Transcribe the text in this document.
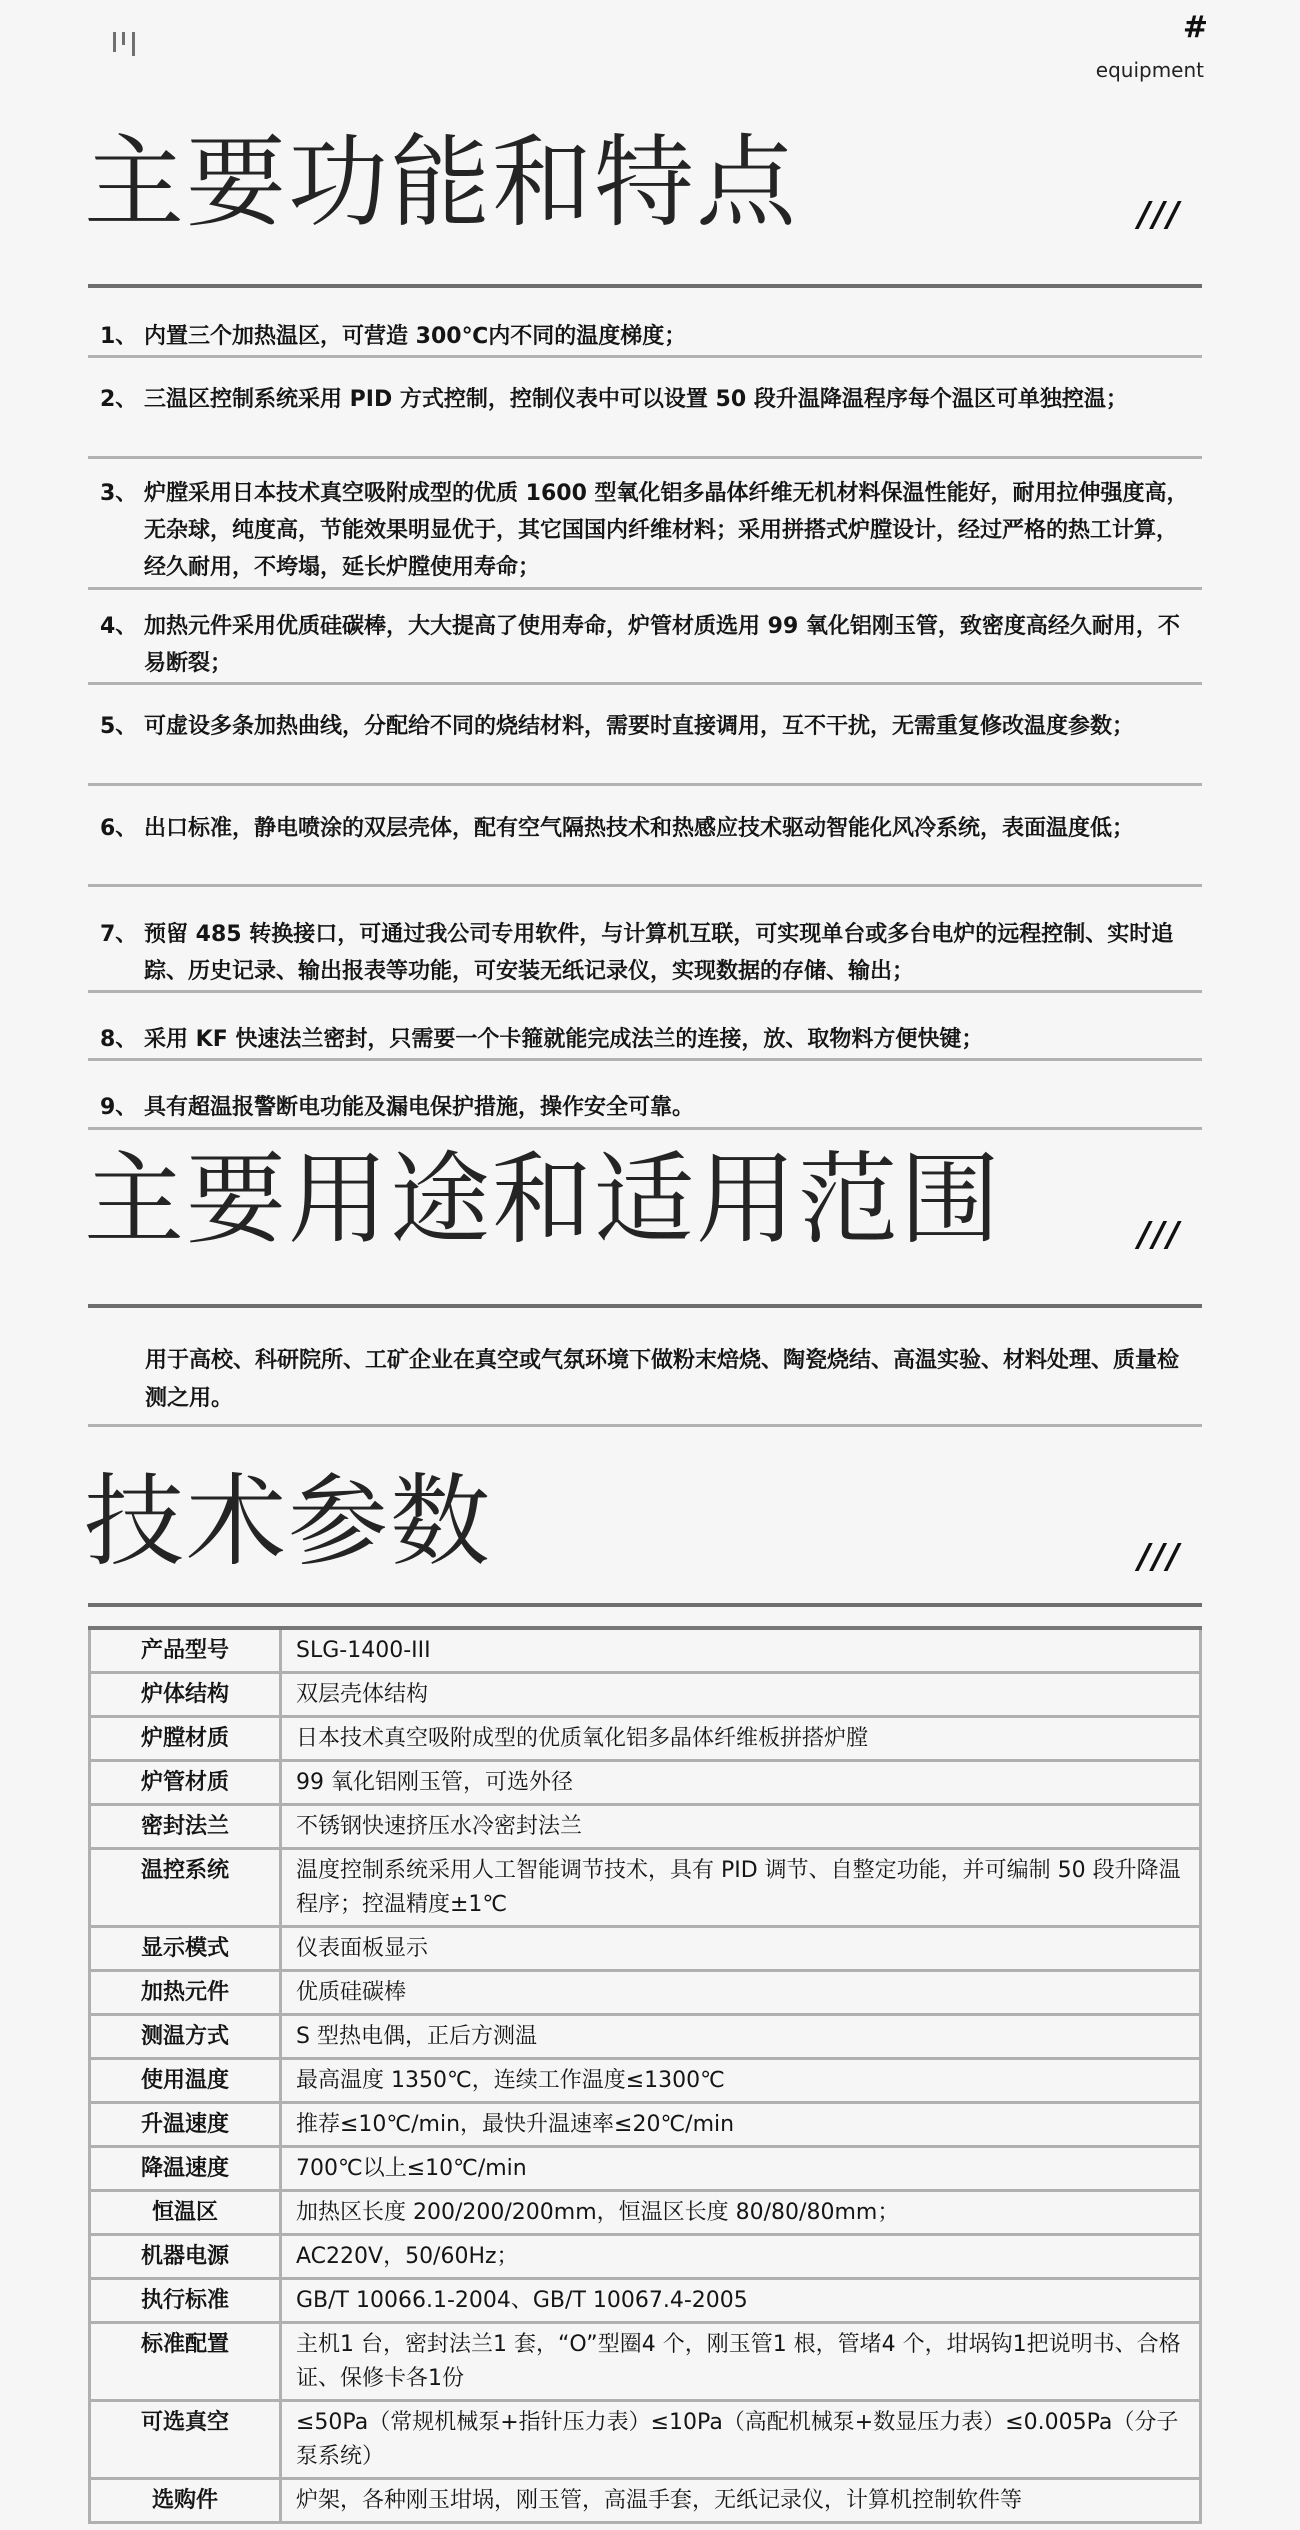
#
equipment
主要功能和特点	///
1、 内置三个加热温区，可营造 300℃内不同的温度梯度；
2、 三温区控制系统采用 PID 方式控制，控制仪表中可以设置 50 段升温降温程序每个温区可单独控温；
3、 炉膛采用日本技术真空吸附成型的优质 1600 型氧化铝多晶体纤维无机材料保温性能好，耐用拉伸强度高，无杂球，纯度高，节能效果明显优于，其它国国内纤维材料；采用拼搭式炉膛设计，经过严格的热工计算，经久耐用，不垮塌，延长炉膛使用寿命；
4、 加热元件采用优质硅碳棒，大大提高了使用寿命，炉管材质选用 99 氧化铝刚玉管，致密度高经久耐用，不易断裂；
5、 可虚设多条加热曲线，分配给不同的烧结材料，需要时直接调用，互不干扰，无需重复修改温度参数；
6、 出口标准，静电喷涂的双层壳体，配有空气隔热技术和热感应技术驱动智能化风冷系统，表面温度低；
7、 预留 485 转换接口，可通过我公司专用软件，与计算机互联，可实现单台或多台电炉的远程控制、实时追踪、历史记录、输出报表等功能，可安装无纸记录仪，实现数据的存储、输出；
8、 采用 KF 快速法兰密封，只需要一个卡箍就能完成法兰的连接，放、取物料方便快键；
9、 具有超温报警断电功能及漏电保护措施，操作安全可靠。
主要用途和适用范围	///
用于高校、科研院所、工矿企业在真空或气氛环境下做粉末焙烧、陶瓷烧结、高温实验、材料处理、质量检测之用。
技术参数	///
产品型号	SLG-1400-III
炉体结构	双层壳体结构
炉膛材质	日本技术真空吸附成型的优质氧化铝多晶体纤维板拼搭炉膛
炉管材质	99 氧化铝刚玉管，可选外径
密封法兰	不锈钢快速挤压水冷密封法兰
温控系统	温度控制系统采用人工智能调节技术，具有 PID 调节、自整定功能，并可编制 50 段升降温程序；控温精度±1℃
显示模式	仪表面板显示
加热元件	优质硅碳棒
测温方式	S 型热电偶，正后方测温
使用温度	最高温度 1350℃，连续工作温度≤1300℃
升温速度	推荐≤10℃/min，最快升温速率≤20℃/min
降温速度	700℃以上≤10℃/min
恒温区	加热区长度 200/200/200mm，恒温区长度 80/80/80mm；
机器电源	AC220V，50/60Hz；
执行标准	GB/T 10066.1-2004、GB/T 10067.4-2005
标准配置	主机1 台，密封法兰1 套，“O”型圈4 个，刚玉管1 根，管堵4 个，坩埚钩1把说明书、合格证、保修卡各1份
可选真空	≤50Pa（常规机械泵+指针压力表）≤10Pa（高配机械泵+数显压力表）≤0.005Pa（分子泵系统）
选购件	炉架，各种刚玉坩埚，刚玉管，高温手套，无纸记录仪，计算机控制软件等
